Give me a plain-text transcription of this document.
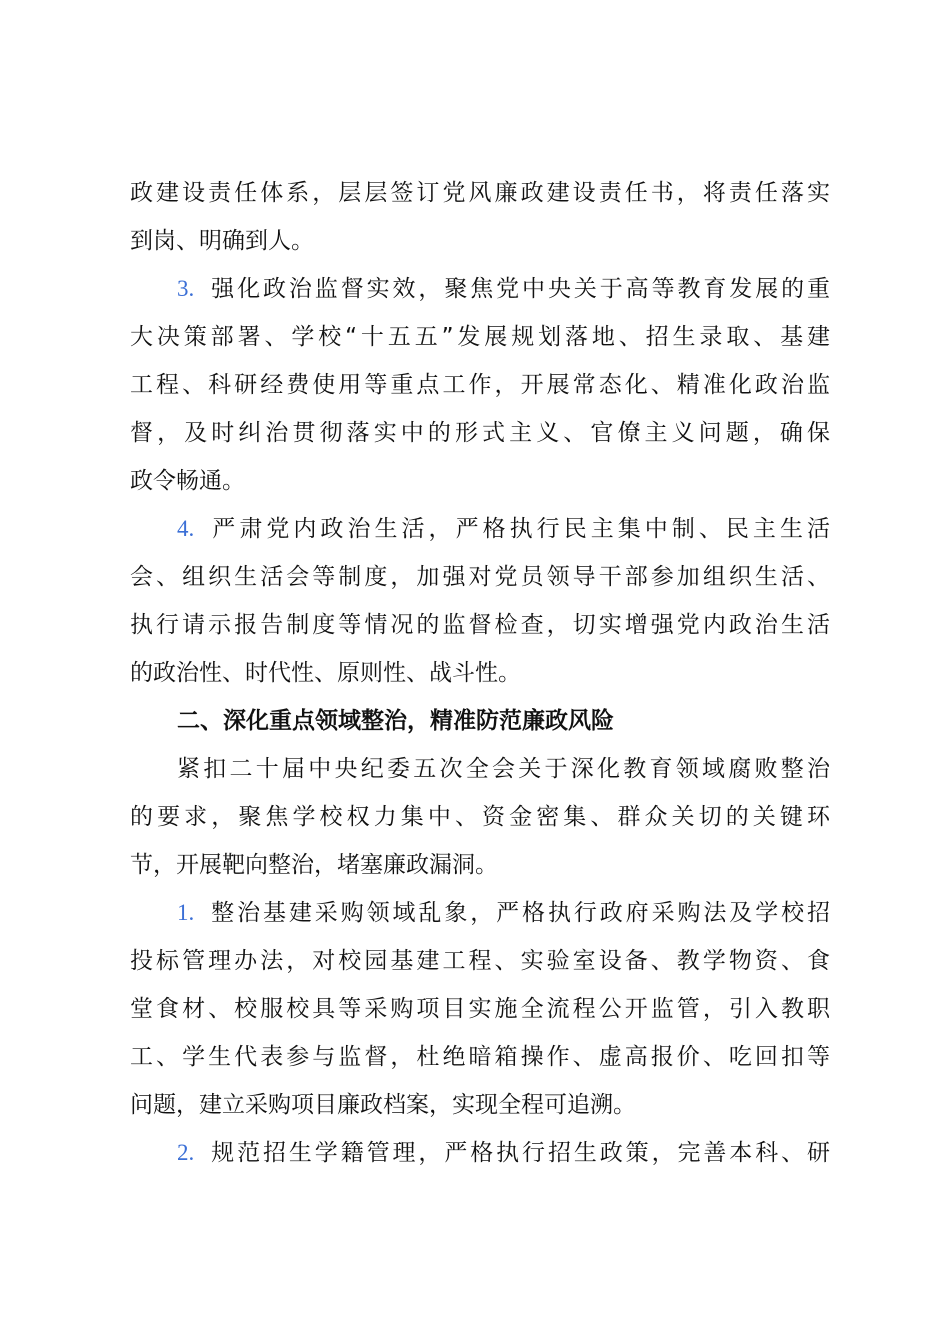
政建设责任体系，层层签订党风廉政建设责任书，将责任落实
到岗、明确到人。
3. 强化政治监督实效，聚焦党中央关于高等教育发展的重
大决策部署、学校“十五五”发展规划落地、招生录取、基建
工程、科研经费使用等重点工作，开展常态化、精准化政治监
督，及时纠治贯彻落实中的形式主义、官僚主义问题，确保
政令畅通。
4. 严肃党内政治生活，严格执行民主集中制、民主生活
会、组织生活会等制度，加强对党员领导干部参加组织生活、
执行请示报告制度等情况的监督检查，切实增强党内政治生活
的政治性、时代性、原则性、战斗性。
二、深化重点领域整治，精准防范廉政风险
紧扣二十届中央纪委五次全会关于深化教育领域腐败整治
的要求，聚焦学校权力集中、资金密集、群众关切的关键环
节，开展靶向整治，堵塞廉政漏洞。
1. 整治基建采购领域乱象，严格执行政府采购法及学校招
投标管理办法，对校园基建工程、实验室设备、教学物资、食
堂食材、校服校具等采购项目实施全流程公开监管，引入教职
工、学生代表参与监督，杜绝暗箱操作、虚高报价、吃回扣等
问题，建立采购项目廉政档案，实现全程可追溯。
2. 规范招生学籍管理，严格执行招生政策，完善本科、研
